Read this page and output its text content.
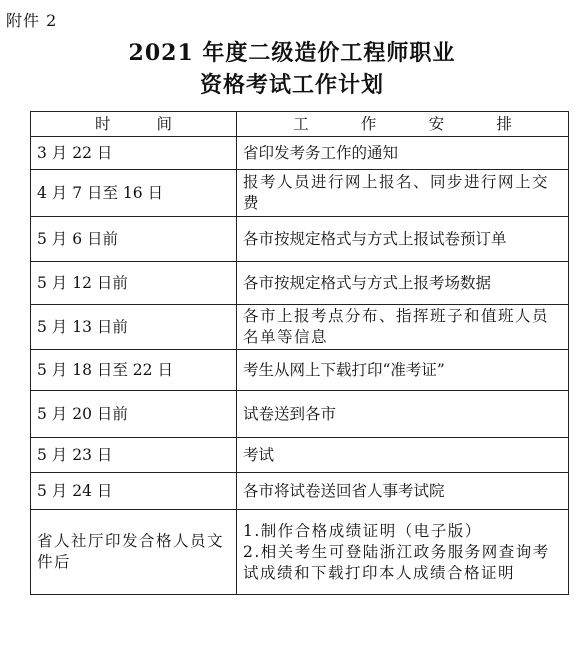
附件 2
2021 年度二级造价工程师职业
资格考试工作计划
时 间	工 作 安 排

3 月 22 日	省印发考务工作的通知
4 月 7 日至 16 日	报考人员进行网上报名、同步进行网上交费
5 月 6 日前	各市按规定格式与方式上报试卷预订单
5 月 12 日前	各市按规定格式与方式上报考场数据
5 月 13 日前	各市上报考点分布、指挥班子和值班人员名单等信息
5 月 18 日至 22 日	考生从网上下载打印“准考证”
5 月 20 日前	试卷送到各市
5 月 23 日	考试
5 月 24 日	各市将试卷送回省人事考试院
省人社厅印发合格人员文件后	1.制作合格成绩证明（电子版）
2.相关考生可登陆浙江政务服务网查询考试成绩和下载打印本人成绩合格证明
